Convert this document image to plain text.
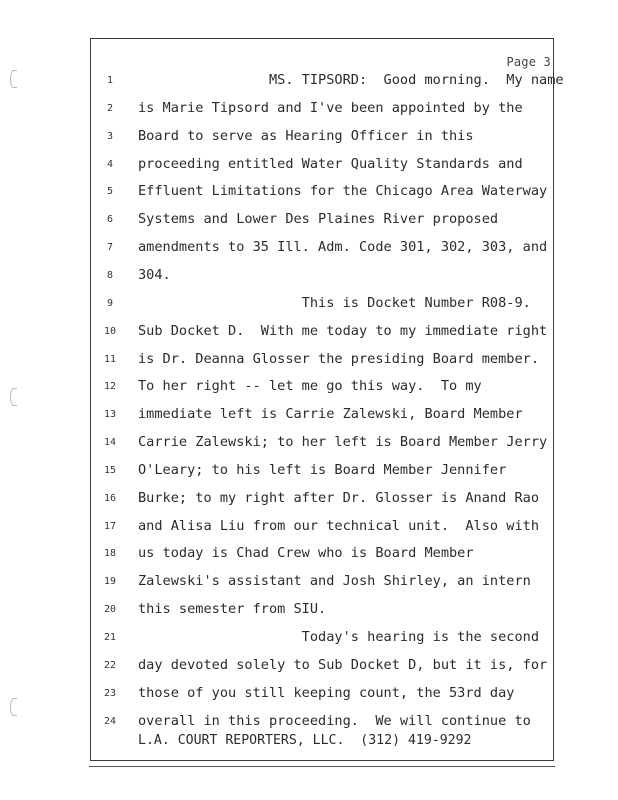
Page 3
1	MS. TIPSORD:  Good morning.  My name
2	is Marie Tipsord and I've been appointed by the
3	Board to serve as Hearing Officer in this
4	proceeding entitled Water Quality Standards and
5	Effluent Limitations for the Chicago Area Waterway
6	Systems and Lower Des Plaines River proposed
7	amendments to 35 Ill. Adm. Code 301, 302, 303, and
8	304.
9	This is Docket Number R08-9.
10 Sub Docket D.  With me today to my immediate right
11 is Dr. Deanna Glosser the presiding Board member.
12 To her right -- let me go this way.  To my
13 immediate left is Carrie Zalewski, Board Member
14 Carrie Zalewski; to her left is Board Member Jerry
15 O'Leary; to his left is Board Member Jennifer
16 Burke; to my right after Dr. Glosser is Anand Rao
17 and Alisa Liu from our technical unit.  Also with
18 us today is Chad Crew who is Board Member
19 Zalewski's assistant and Josh Shirley, an intern
20 this semester from SIU.
21 Today's hearing is the second
22 day devoted solely to Sub Docket D, but it is, for
23 those of you still keeping count, the 53rd day
24 overall in this proceeding.  We will continue to
L.A. COURT REPORTERS, LLC.  (312) 419-9292
